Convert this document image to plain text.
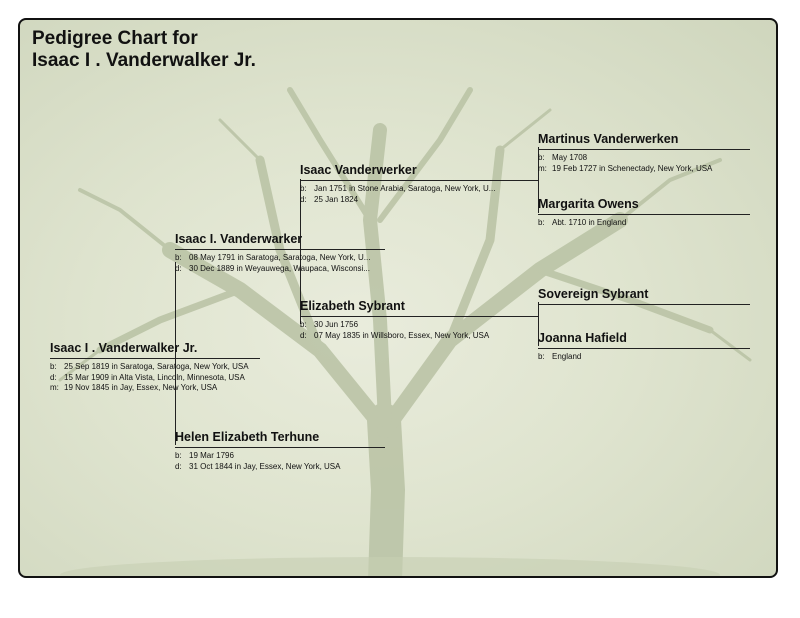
Pedigree Chart for
Isaac I . Vanderwalker Jr.
Isaac I . Vanderwalker Jr.
b: 25 Sep 1819 in Saratoga, Saratoga, New York, USA
d: 15 Mar 1909 in Alta Vista, Lincoln, Minnesota, USA
m: 19 Nov 1845 in Jay, Essex, New York, USA
Isaac I. Vanderwarker
b: 08 May 1791 in Saratoga, Saratoga, New York, U...
d: 30 Dec 1889 in Weyauwega, Waupaca, Wisconsi...
Helen Elizabeth Terhune
b: 19 Mar 1796
d: 31 Oct 1844 in Jay, Essex, New York, USA
Isaac Vanderwerker
b: Jan 1751 in Stone Arabia, Saratoga, New York, U...
d: 25 Jan 1824
Elizabeth Sybrant
b: 30 Jun 1756
d: 07 May 1835 in Willsboro, Essex, New York, USA
Martinus Vanderwerken
b: May 1708
m: 19 Feb 1727 in Schenectady, New York, USA
Margarita Owens
b: Abt. 1710 in England
Sovereign Sybrant
Joanna Hafield
b: England
